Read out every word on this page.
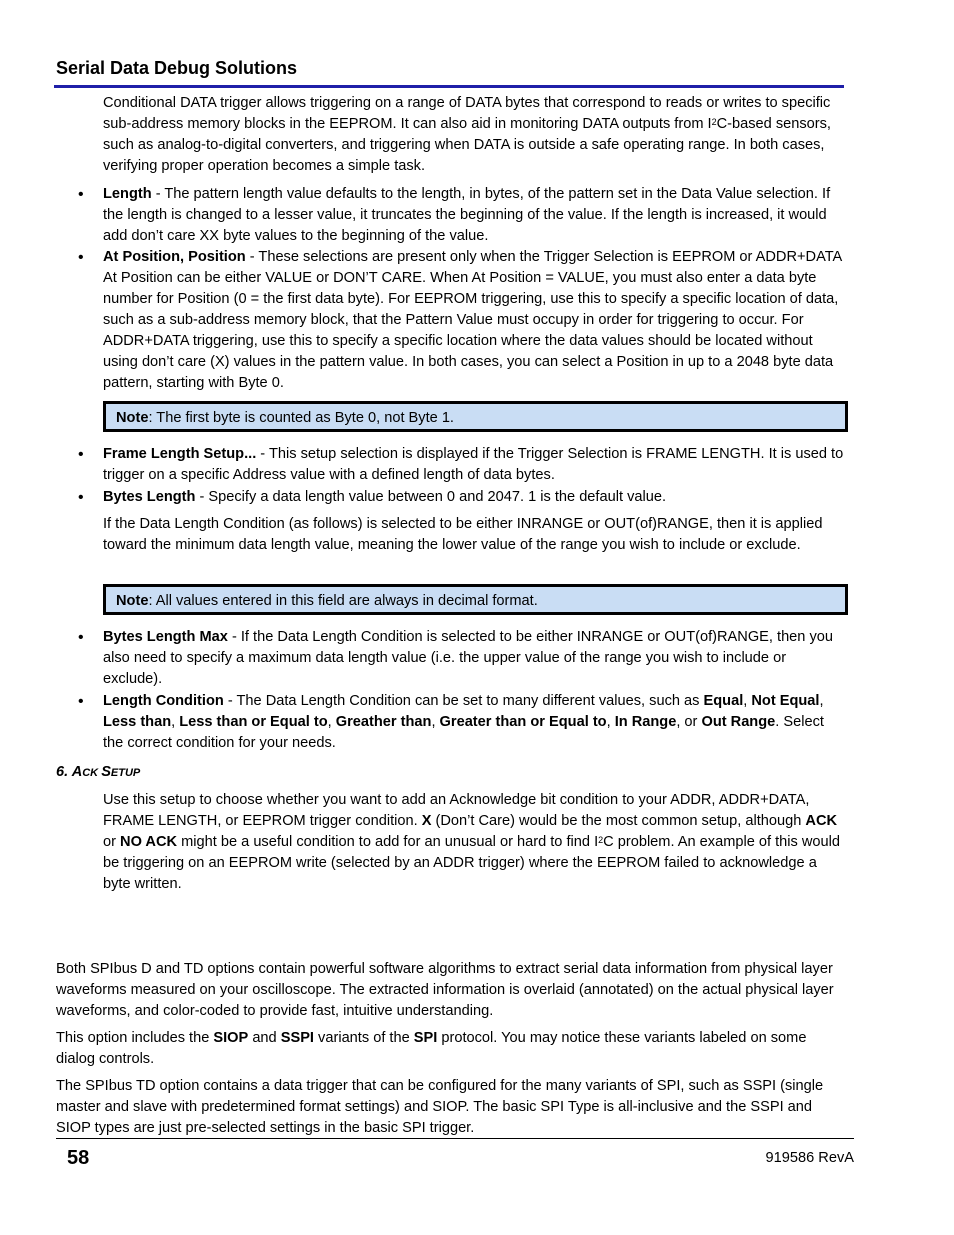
Serial Data Debug Solutions
Conditional DATA trigger allows triggering on a range of DATA bytes that correspond to reads or writes to specific sub-address memory blocks in the EEPROM. It can also aid in monitoring DATA outputs from $I^2C$-based sensors, such as analog-to-digital converters, and triggering when DATA is outside a safe operating range. In both cases, verifying proper operation becomes a simple task.
• Length - The pattern length value defaults to the length, in bytes, of the pattern set in the Data Value selection. If the length is changed to a lesser value, it truncates the beginning of the value. If the length is increased, it would add don’t care XX byte values to the beginning of the value.
• At Position, Position - These selections are present only when the Trigger Selection is EEPROM or ADDR+DATA At Position can be either VALUE or DON’T CARE. When At Position = VALUE, you must also enter a data byte number for Position (0 = the first data byte). For EEPROM triggering, use this to specify a specific location of data, such as a sub-address memory block, that the Pattern Value must occupy in order for triggering to occur. For ADDR+DATA triggering, use this to specify a specific location where the data values should be located without using don’t care (X) values in the pattern value. In both cases, you can select a Position in up to a 2048 byte data pattern, starting with Byte 0.
Note: The first byte is counted as Byte 0, not Byte 1.
• Frame Length Setup... - This setup selection is displayed if the Trigger Selection is FRAME LENGTH. It is used to trigger on a specific Address value with a defined length of data bytes.
• Bytes Length - Specify a data length value between 0 and 2047. 1 is the default value.
If the Data Length Condition (as follows) is selected to be either INRANGE or OUT(of)RANGE, then it is applied toward the minimum data length value, meaning the lower value of the range you wish to include or exclude.
Note: All values entered in this field are always in decimal format.
• Bytes Length Max - If the Data Length Condition is selected to be either INRANGE or OUT(of)RANGE, then you also need to specify a maximum data length value (i.e. the upper value of the range you wish to include or exclude).
• Length Condition - The Data Length Condition can be set to many different values, such as Equal, Not Equal, Less than, Less than or Equal to, Greather than, Greater than or Equal to, In Range, or Out Range. Select the correct condition for your needs.
6. ACK SETUP
Use this setup to choose whether you want to add an Acknowledge bit condition to your ADDR, ADDR+DATA, FRAME LENGTH, or EEPROM trigger condition. X (Don’t Care) would be the most common setup, although ACK or NO ACK might be a useful condition to add for an unusual or hard to find $I^2C$ problem. An example of this would be triggering on an EEPROM write (selected by an ADDR trigger) where the EEPROM failed to acknowledge a byte written.
Both SPIbus D and TD options contain powerful software algorithms to extract serial data information from physical layer waveforms measured on your oscilloscope. The extracted information is overlaid (annotated) on the actual physical layer waveforms, and color-coded to provide fast, intuitive understanding.
This option includes the SIOP and SSPI variants of the SPI protocol. You may notice these variants labeled on some dialog controls.
The SPIbus TD option contains a data trigger that can be configured for the many variants of SPI, such as SSPI (single master and slave with predetermined format settings) and SIOP. The basic SPI Type is all-inclusive and the SSPI and SIOP types are just pre-selected settings in the basic SPI trigger.
58	919586 RevA
